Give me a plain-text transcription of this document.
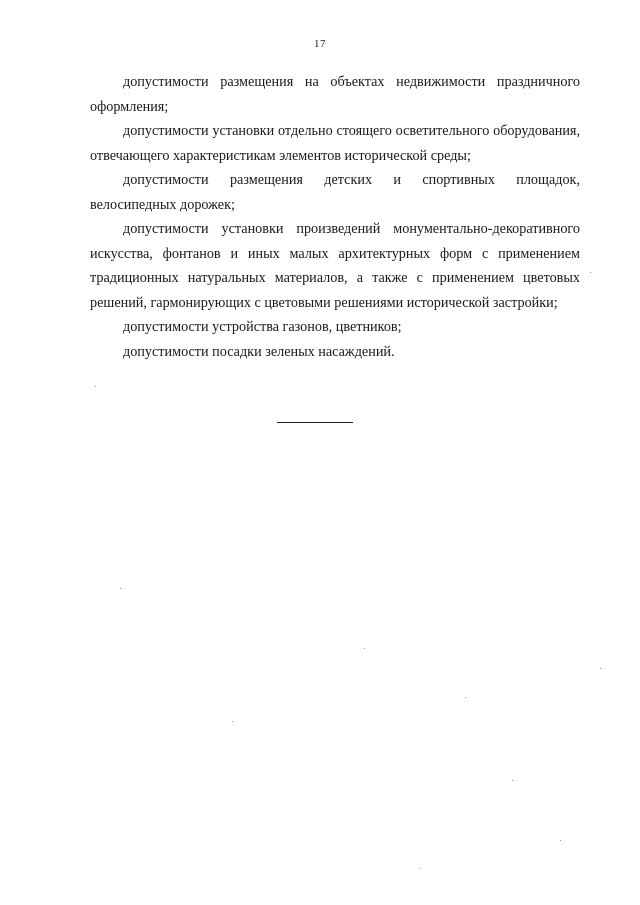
17

допустимости размещения на объектах недвижимости праздничного оформления;

допустимости установки отдельно стоящего осветительного оборудования, отвечающего характеристикам элементов исторической среды;

допустимости размещения детских и спортивных площадок, велосипедных дорожек;

допустимости установки произведений монументально-декоративного искусства, фонтанов и иных малых архитектурных форм с применением традиционных натуральных материалов, а также с применением цветовых решений, гармонирующих с цветовыми решениями исторической застройки;

допустимости устройства газонов, цветников;

допустимости посадки зеленых насаждений.
